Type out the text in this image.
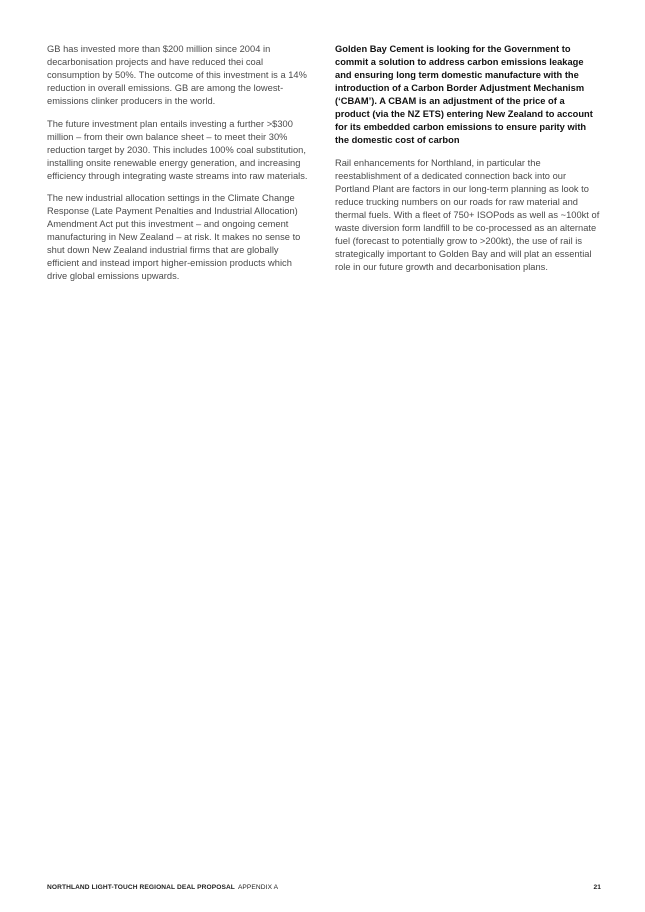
GB has invested more than $200 million since 2004 in decarbonisation projects and have reduced thei coal consumption by 50%. The outcome of this investment is a 14% reduction in overall emissions. GB are among the lowest-emissions clinker producers in the world.

The future investment plan entails investing a further >$300 million – from their own balance sheet – to meet their 30% reduction target by 2030. This includes 100% coal substitution, installing onsite renewable energy generation, and increasing efficiency through integrating waste streams into raw materials.

The new industrial allocation settings in the Climate Change Response (Late Payment Penalties and Industrial Allocation) Amendment Act put this investment – and ongoing cement manufacturing in New Zealand – at risk. It makes no sense to shut down New Zealand industrial firms that are globally efficient and instead import higher-emission products which drive global emissions upwards.

Golden Bay Cement is looking for the Government to commit a solution to address carbon emissions leakage and ensuring long term domestic manufacture with the introduction of a Carbon Border Adjustment Mechanism (‘CBAM’). A CBAM is an adjustment of the price of a product (via the NZ ETS) entering New Zealand to account for its embedded carbon emissions to ensure parity with the domestic cost of carbon

Rail enhancements for Northland, in particular the reestablishment of a dedicated connection back into our Portland Plant are factors in our long-term planning as look to reduce trucking numbers on our roads for raw material and thermal fuels. With a fleet of 750+ ISOPods as well as ~100kt of waste diversion form landfill to be co-processed as an alternate fuel (forecast to potentially grow to >200kt), the use of rail is strategically important to Golden Bay and will plat an essential role in our future growth and decarbonisation plans.

NORTHLAND LIGHT-TOUCH REGIONAL DEAL PROPOSAL APPENDIX A	21
